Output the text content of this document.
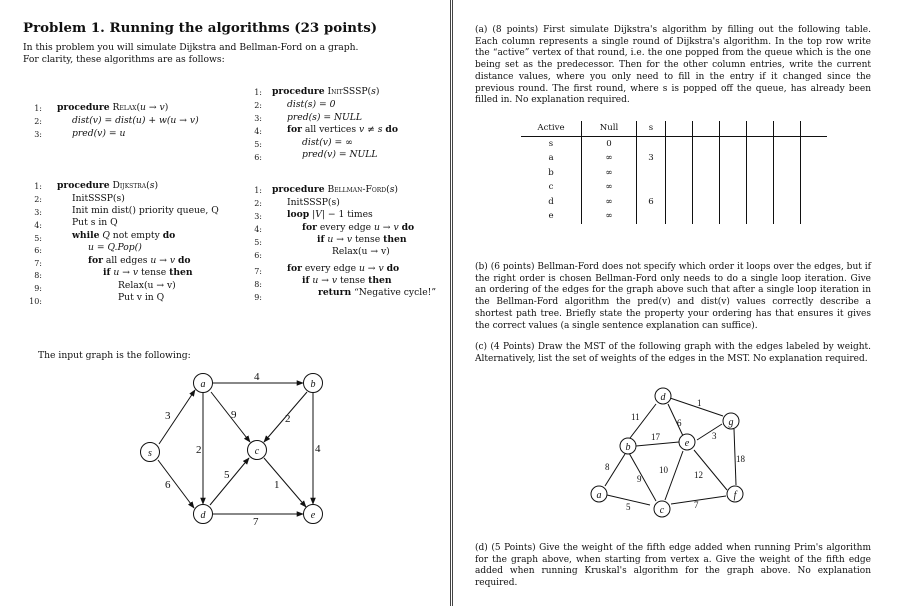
Problem 1. Running the algorithms (23 points)
In this problem you will simulate Dijkstra and Bellman-Ford on a graph.
For clarity, these algorithms are as follows:
1: procedure Relax(u → v)
2:	dist(v) = dist(u) + w(u → v)
3:	pred(v) = u
1: procedure InitSSSP(s)
2:	dist(s) = 0
3:	pred(s) = NULL
4:	for all vertices v ≠ s do
5:	dist(v) = ∞
6:	pred(v) = NULL
1: procedure Dijkstra(s)
2:	InitSSSP(s)
3:	Init min dist() priority queue, Q
4:	Put s in Q
5:	while Q not empty do
6:	u = Q.Pop()
7:	for all edges u → v do
8:	if u → v tense then
9:	Relax(u → v)
10:	Put v in Q
1: procedure Bellman-Ford(s)
2:	InitSSSP(s)
3:	loop |V| − 1 times
4:	for every edge u → v do
5:	if u → v tense then
6:	Relax(u → v)
7:	for every edge u → v do
8:	if u → v tense then
9:	return “Negative cycle!”
The input graph is the following:
4
3	9
2
2
4
6
5
1
7
s
a	b
c
d	e
(a) (8 points) First simulate Dijkstra's algorithm by filling out the following table. Each column represents a single round of Dijkstra's algorithm. In the top row write the “active” vertex of that round, i.e. the one popped from the queue which is the one being set as the predecessor. Then for the other column entries, write the current distance values, where you only need to fill in the entry if it changed since the previous round. The first round, where s is popped off the queue, has already been filled in. No explanation required.
Active	Null	s						
s	0							
a	∞	3						
b	∞							
c	∞							
d	∞	6						
e	∞							
(b) (6 points) Bellman-Ford does not specify which order it loops over the edges, but if the right order is chosen Bellman-Ford only needs to do a single loop iteration. Give an ordering of the edges for the graph above such that after a single loop iteration in the Bellman-Ford algorithm the pred(v) and dist(v) values correctly describe a shortest path tree. Briefly state the property your ordering has that ensures it gives the correct values (a single sentence explanation can suffice).
(c) (4 Points) Draw the MST of the following graph with the edges labeled by weight. Alternatively, list the set of weights of the edges in the MST. No explanation required.
11
6
1
17	3
8
9
10	12
18
5	7
a
b
c
d
e
f
g
(d) (5 Points) Give the weight of the fifth edge added when running Prim's algorithm for the graph above, when starting from vertex a. Give the weight of the fifth edge added when running Kruskal's algorithm for the graph above. No explanation required.
